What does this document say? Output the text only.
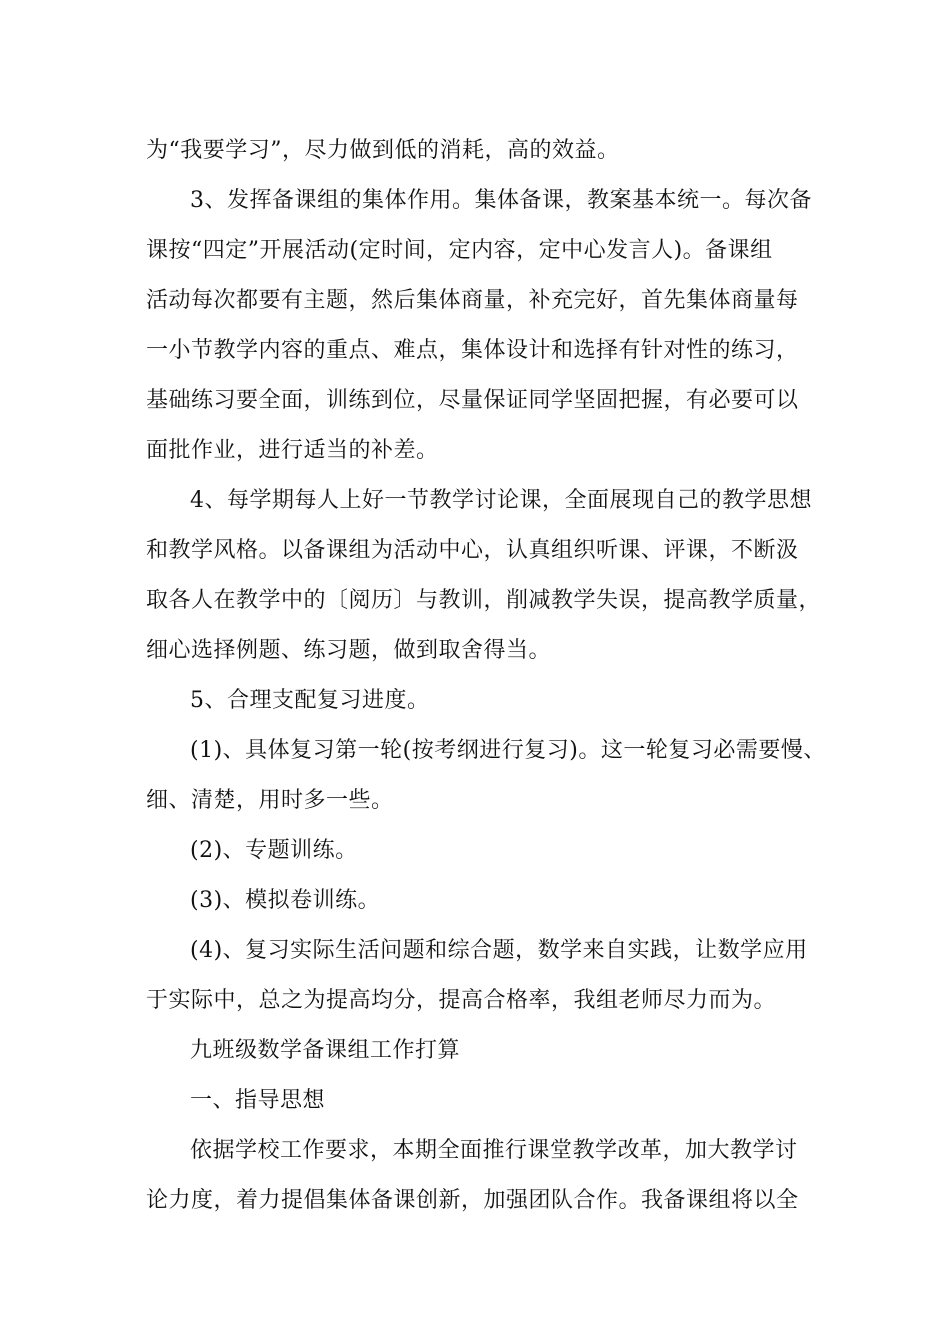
为“我要学习”，尽力做到低的消耗，高的效益。
3、发挥备课组的集体作用。集体备课，教案基本统一。每次备
课按“四定”开展活动(定时间，定内容，定中心发言人)。备课组
活动每次都要有主题，然后集体商量，补充完好，首先集体商量每
一小节教学内容的重点、难点，集体设计和选择有针对性的练习，
基础练习要全面，训练到位，尽量保证同学坚固把握，有必要可以
面批作业，进行适当的补差。
4、每学期每人上好一节教学讨论课，全面展现自己的教学思想
和教学风格。以备课组为活动中心，认真组织听课、评课，不断汲
取各人在教学中的〔阅历〕与教训，削减教学失误，提高教学质量，
细心选择例题、练习题，做到取舍得当。
5、合理支配复习进度。
(1)、具体复习第一轮(按考纲进行复习)。这一轮复习必需要慢、
细、清楚，用时多一些。
(2)、专题训练。
(3)、模拟卷训练。
(4)、复习实际生活问题和综合题，数学来自实践，让数学应用
于实际中，总之为提高均分，提高合格率，我组老师尽力而为。
九班级数学备课组工作打算
一、指导思想
依据学校工作要求，本期全面推行课堂教学改革，加大教学讨
论力度，着力提倡集体备课创新，加强团队合作。我备课组将以全
